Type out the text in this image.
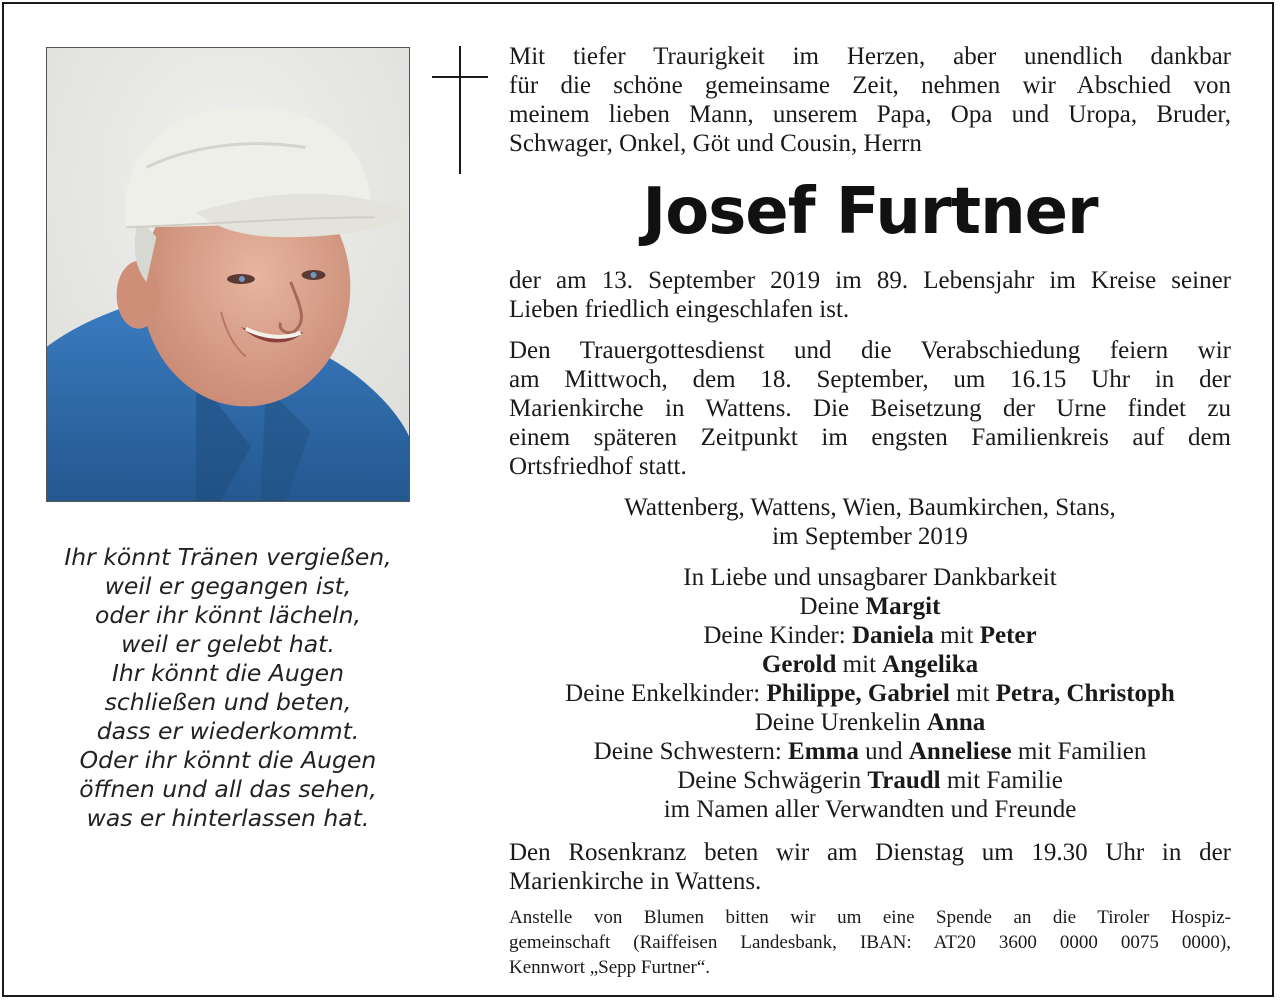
Ihr könnt Tränen vergießen,
weil er gegangen ist,
oder ihr könnt lächeln,
weil er gelebt hat.
Ihr könnt die Augen
schließen und beten,
dass er wiederkommt.
Oder ihr könnt die Augen
öffnen und all das sehen,
was er hinterlassen hat.
Mit tiefer Traurigkeit im Herzen, aber unendlich dankbar
für die schöne gemeinsame Zeit, nehmen wir Abschied von
meinem lieben Mann, unserem Papa, Opa und Uropa, Bruder,
Schwager, Onkel, Göt und Cousin, Herrn
Josef Furtner
der am 13. September 2019 im 89. Lebensjahr im Kreise seiner
Lieben friedlich eingeschlafen ist.
Den Trauergottesdienst und die Verabschiedung feiern wir
am Mittwoch, dem 18. September, um 16.15 Uhr in der
Marienkirche in Wattens. Die Beisetzung der Urne findet zu
einem späteren Zeitpunkt im engsten Familienkreis auf dem
Ortsfriedhof statt.
Wattenberg, Wattens, Wien, Baumkirchen, Stans,
im September 2019
In Liebe und unsagbarer Dankbarkeit
Deine Margit
Deine Kinder: Daniela mit Peter
Gerold mit Angelika
Deine Enkelkinder: Philippe, Gabriel mit Petra, Christoph
Deine Urenkelin Anna
Deine Schwestern: Emma und Anneliese mit Familien
Deine Schwägerin Traudl mit Familie
im Namen aller Verwandten und Freunde
Den Rosenkranz beten wir am Dienstag um 19.30 Uhr in der
Marienkirche in Wattens.
Anstelle von Blumen bitten wir um eine Spende an die Tiroler Hospiz-
gemeinschaft (Raiffeisen Landesbank, IBAN: AT20 3600 0000 0075 0000),
Kennwort „Sepp Furtner“.
